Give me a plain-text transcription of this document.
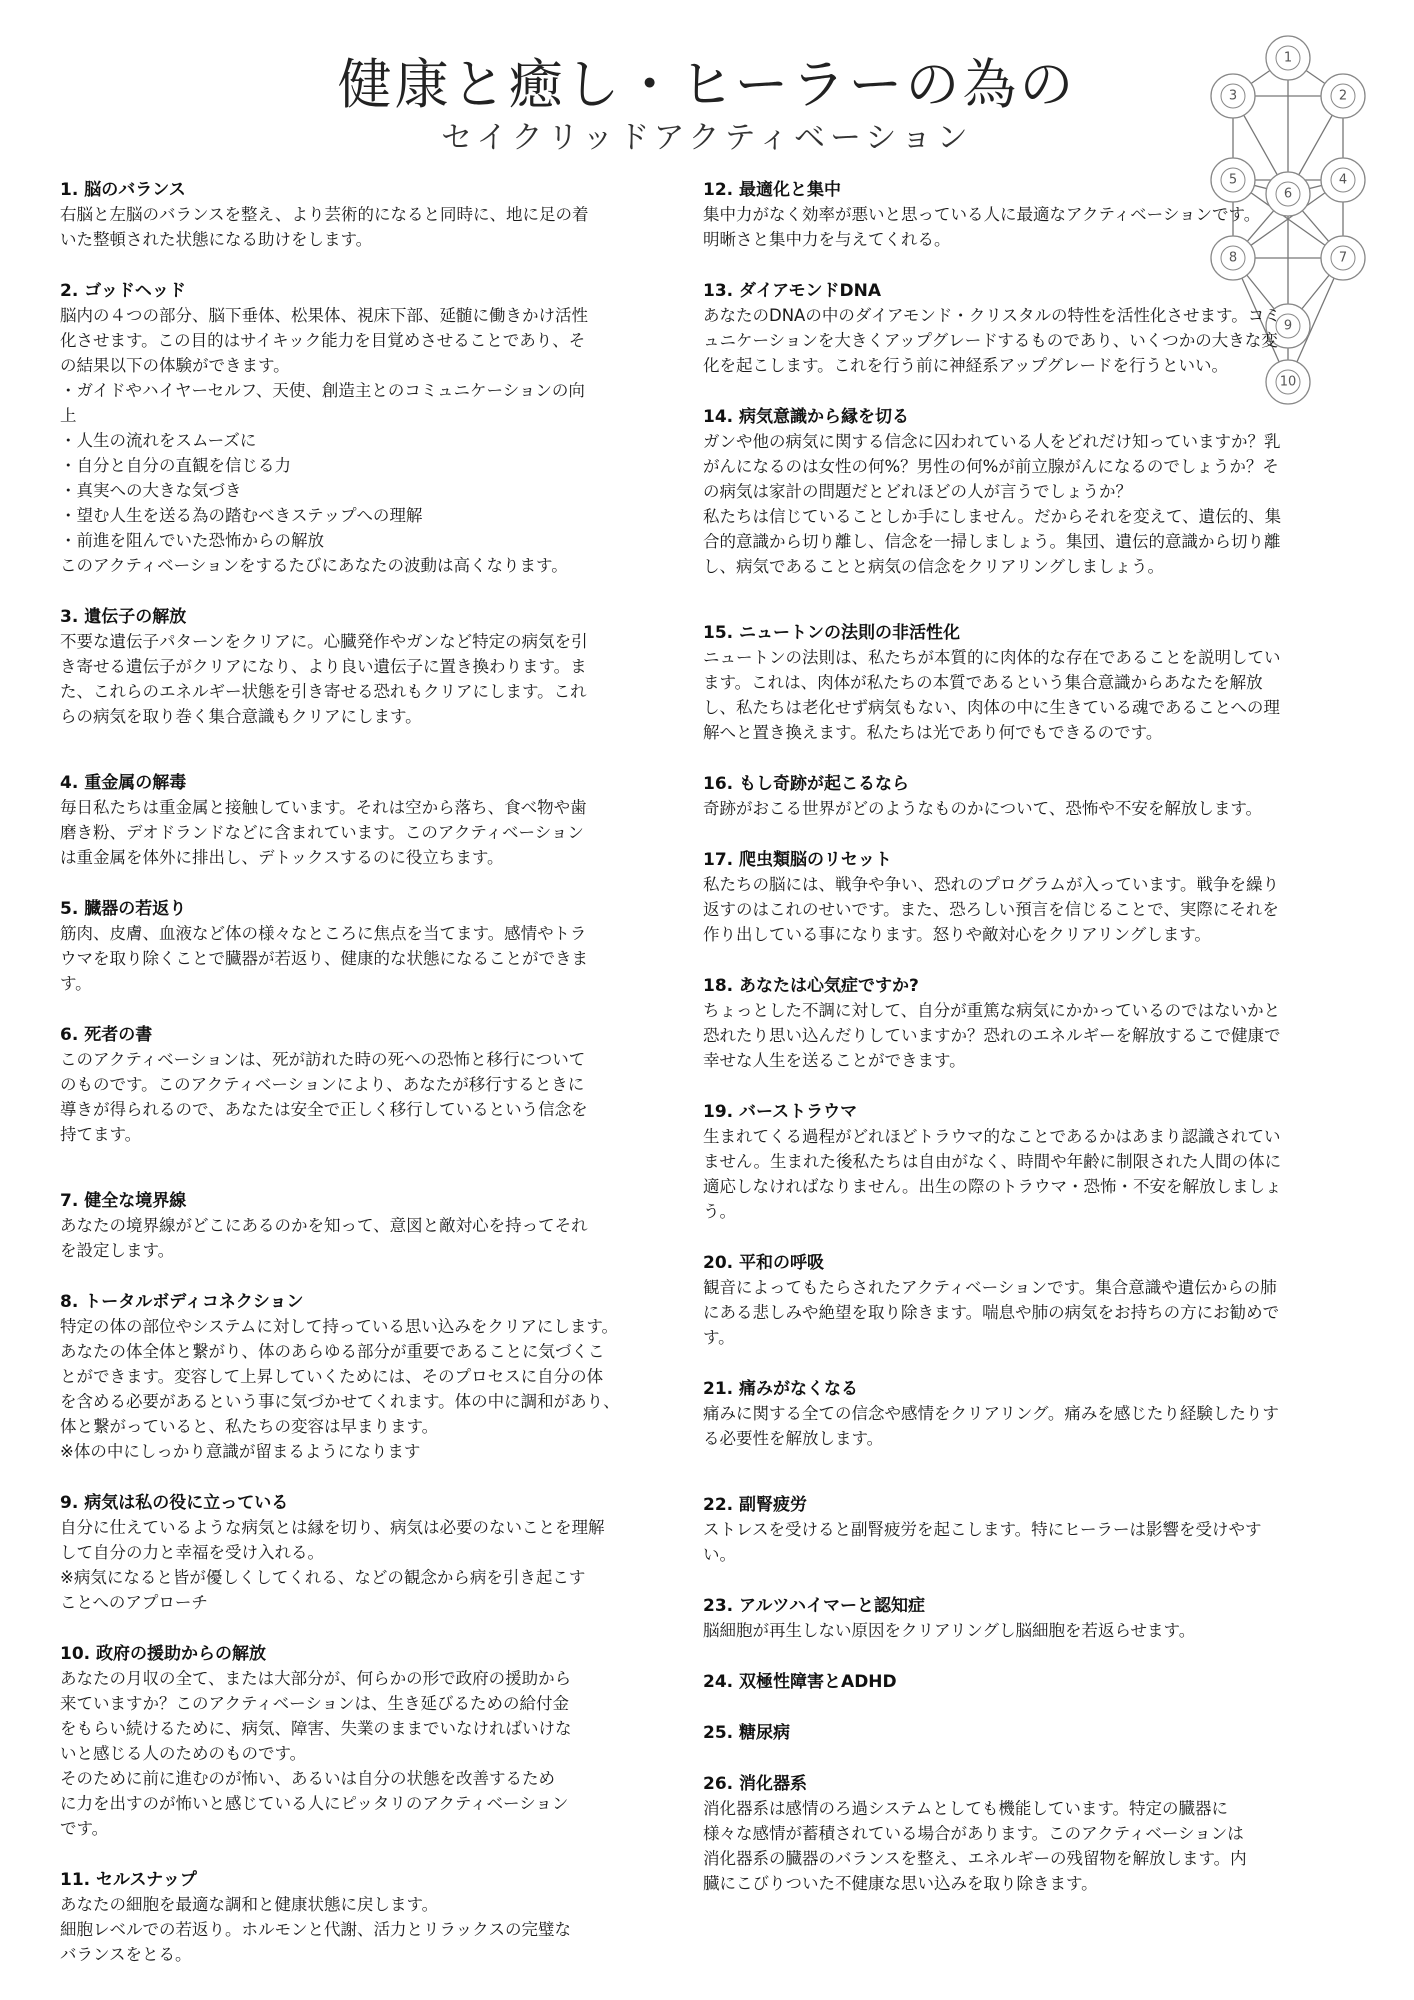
健康と癒し・ヒーラーの為の
セイクリッドアクティベーション
1
2
3
4
5
6
7
8
9
10
1. 脳のバランス

右脳と左脳のバランスを整え、より芸術的になると同時に、地に足の着
いた整頓された状態になる助けをします。

2. ゴッドヘッド

脳内の４つの部分、脳下垂体、松果体、視床下部、延髄に働きかけ活性
化させます。この目的はサイキック能力を目覚めさせることであり、そ
の結果以下の体験ができます。

・ガイドやハイヤーセルフ、天使、創造主とのコミュニケーションの向
上

・人生の流れをスムーズに

・自分と自分の直観を信じる力

・真実への大きな気づき

・望む人生を送る為の踏むべきステップへの理解

・前進を阻んでいた恐怖からの解放

このアクティベーションをするたびにあなたの波動は高くなります。

3. 遺伝子の解放

不要な遺伝子パターンをクリアに。心臓発作やガンなど特定の病気を引
き寄せる遺伝子がクリアになり、より良い遺伝子に置き換わります。ま
た、これらのエネルギー状態を引き寄せる恐れもクリアにします。これ
らの病気を取り巻く集合意識もクリアにします。

4. 重金属の解毒

毎日私たちは重金属と接触しています。それは空から落ち、食べ物や歯
磨き粉、デオドランドなどに含まれています。このアクティベーション
は重金属を体外に排出し、デトックスするのに役立ちます。

5. 臓器の若返り

筋肉、皮膚、血液など体の様々なところに焦点を当てます。感情やトラ
ウマを取り除くことで臓器が若返り、健康的な状態になることができま
す。

6. 死者の書

このアクティベーションは、死が訪れた時の死への恐怖と移行について
のものです。このアクティベーションにより、あなたが移行するときに
導きが得られるので、あなたは安全で正しく移行しているという信念を
持てます。

7. 健全な境界線

あなたの境界線がどこにあるのかを知って、意図と敵対心を持ってそれ
を設定します。

8. トータルボディコネクション

特定の体の部位やシステムに対して持っている思い込みをクリアにします。
あなたの体全体と繋がり、体のあらゆる部分が重要であることに気づくこ
とができます。変容して上昇していくためには、そのプロセスに自分の体
を含める必要があるという事に気づかせてくれます。体の中に調和があり、
体と繋がっていると、私たちの変容は早まります。

※体の中にしっかり意識が留まるようになります

9. 病気は私の役に立っている

自分に仕えているような病気とは縁を切り、病気は必要のないことを理解
して自分の力と幸福を受け入れる。

※病気になると皆が優しくしてくれる、などの観念から病を引き起こす
ことへのアプローチ

10. 政府の援助からの解放

あなたの月収の全て、または大部分が、何らかの形で政府の援助から
来ていますか？このアクティベーションは、生き延びるための給付金
をもらい続けるために、病気、障害、失業のままでいなければいけな
いと感じる人のためのものです。

そのために前に進むのが怖い、あるいは自分の状態を改善するため
に力を出すのが怖いと感じている人にピッタリのアクティベーション
です。

11. セルスナップ

あなたの細胞を最適な調和と健康状態に戻します。

細胞レベルでの若返り。ホルモンと代謝、活力とリラックスの完璧な
バランスをとる。

12. 最適化と集中

集中力がなく効率が悪いと思っている人に最適なアクティベーションです。
明晰さと集中力を与えてくれる。

13. ダイアモンドDNA

あなたのDNAの中のダイアモンド・クリスタルの特性を活性化させます。コミ
ュニケーションを大きくアップグレードするものであり、いくつかの大きな変
化を起こします。これを行う前に神経系アップグレードを行うといい。

14. 病気意識から縁を切る

ガンや他の病気に関する信念に囚われている人をどれだけ知っていますか？乳
がんになるのは女性の何%？男性の何%が前立腺がんになるのでしょうか？そ
の病気は家計の問題だとどれほどの人が言うでしょうか？

私たちは信じていることしか手にしません。だからそれを変えて、遺伝的、集
合的意識から切り離し、信念を一掃しましょう。集団、遺伝的意識から切り離
し、病気であることと病気の信念をクリアリングしましょう。

15. ニュートンの法則の非活性化

ニュートンの法則は、私たちが本質的に肉体的な存在であることを説明してい
ます。これは、肉体が私たちの本質であるという集合意識からあなたを解放
し、私たちは老化せず病気もない、肉体の中に生きている魂であることへの理
解へと置き換えます。私たちは光であり何でもできるのです。

16. もし奇跡が起こるなら

奇跡がおこる世界がどのようなものかについて、恐怖や不安を解放します。

17. 爬虫類脳のリセット

私たちの脳には、戦争や争い、恐れのプログラムが入っています。戦争を繰り
返すのはこれのせいです。また、恐ろしい預言を信じることで、実際にそれを
作り出している事になります。怒りや敵対心をクリアリングします。

18. あなたは心気症ですか?

ちょっとした不調に対して、自分が重篤な病気にかかっているのではないかと
恐れたり思い込んだりしていますか？恐れのエネルギーを解放するこで健康で
幸せな人生を送ることができます。

19. バーストラウマ

生まれてくる過程がどれほどトラウマ的なことであるかはあまり認識されてい
ません。生まれた後私たちは自由がなく、時間や年齢に制限された人間の体に
適応しなければなりません。出生の際のトラウマ・恐怖・不安を解放しましょ
う。

20. 平和の呼吸

観音によってもたらされたアクティベーションです。集合意識や遺伝からの肺
にある悲しみや絶望を取り除きます。喘息や肺の病気をお持ちの方にお勧めで
す。

21. 痛みがなくなる

痛みに関する全ての信念や感情をクリアリング。痛みを感じたり経験したりす
る必要性を解放します。

22. 副腎疲労

ストレスを受けると副腎疲労を起こします。特にヒーラーは影響を受けやす
い。

23. アルツハイマーと認知症

脳細胞が再生しない原因をクリアリングし脳細胞を若返らせます。

24. 双極性障害とADHD
25. 糖尿病
26. 消化器系

消化器系は感情のろ過システムとしても機能しています。特定の臓器に
様々な感情が蓄積されている場合があります。このアクティベーションは
消化器系の臓器のバランスを整え、エネルギーの残留物を解放します。内
臓にこびりついた不健康な思い込みを取り除きます。
